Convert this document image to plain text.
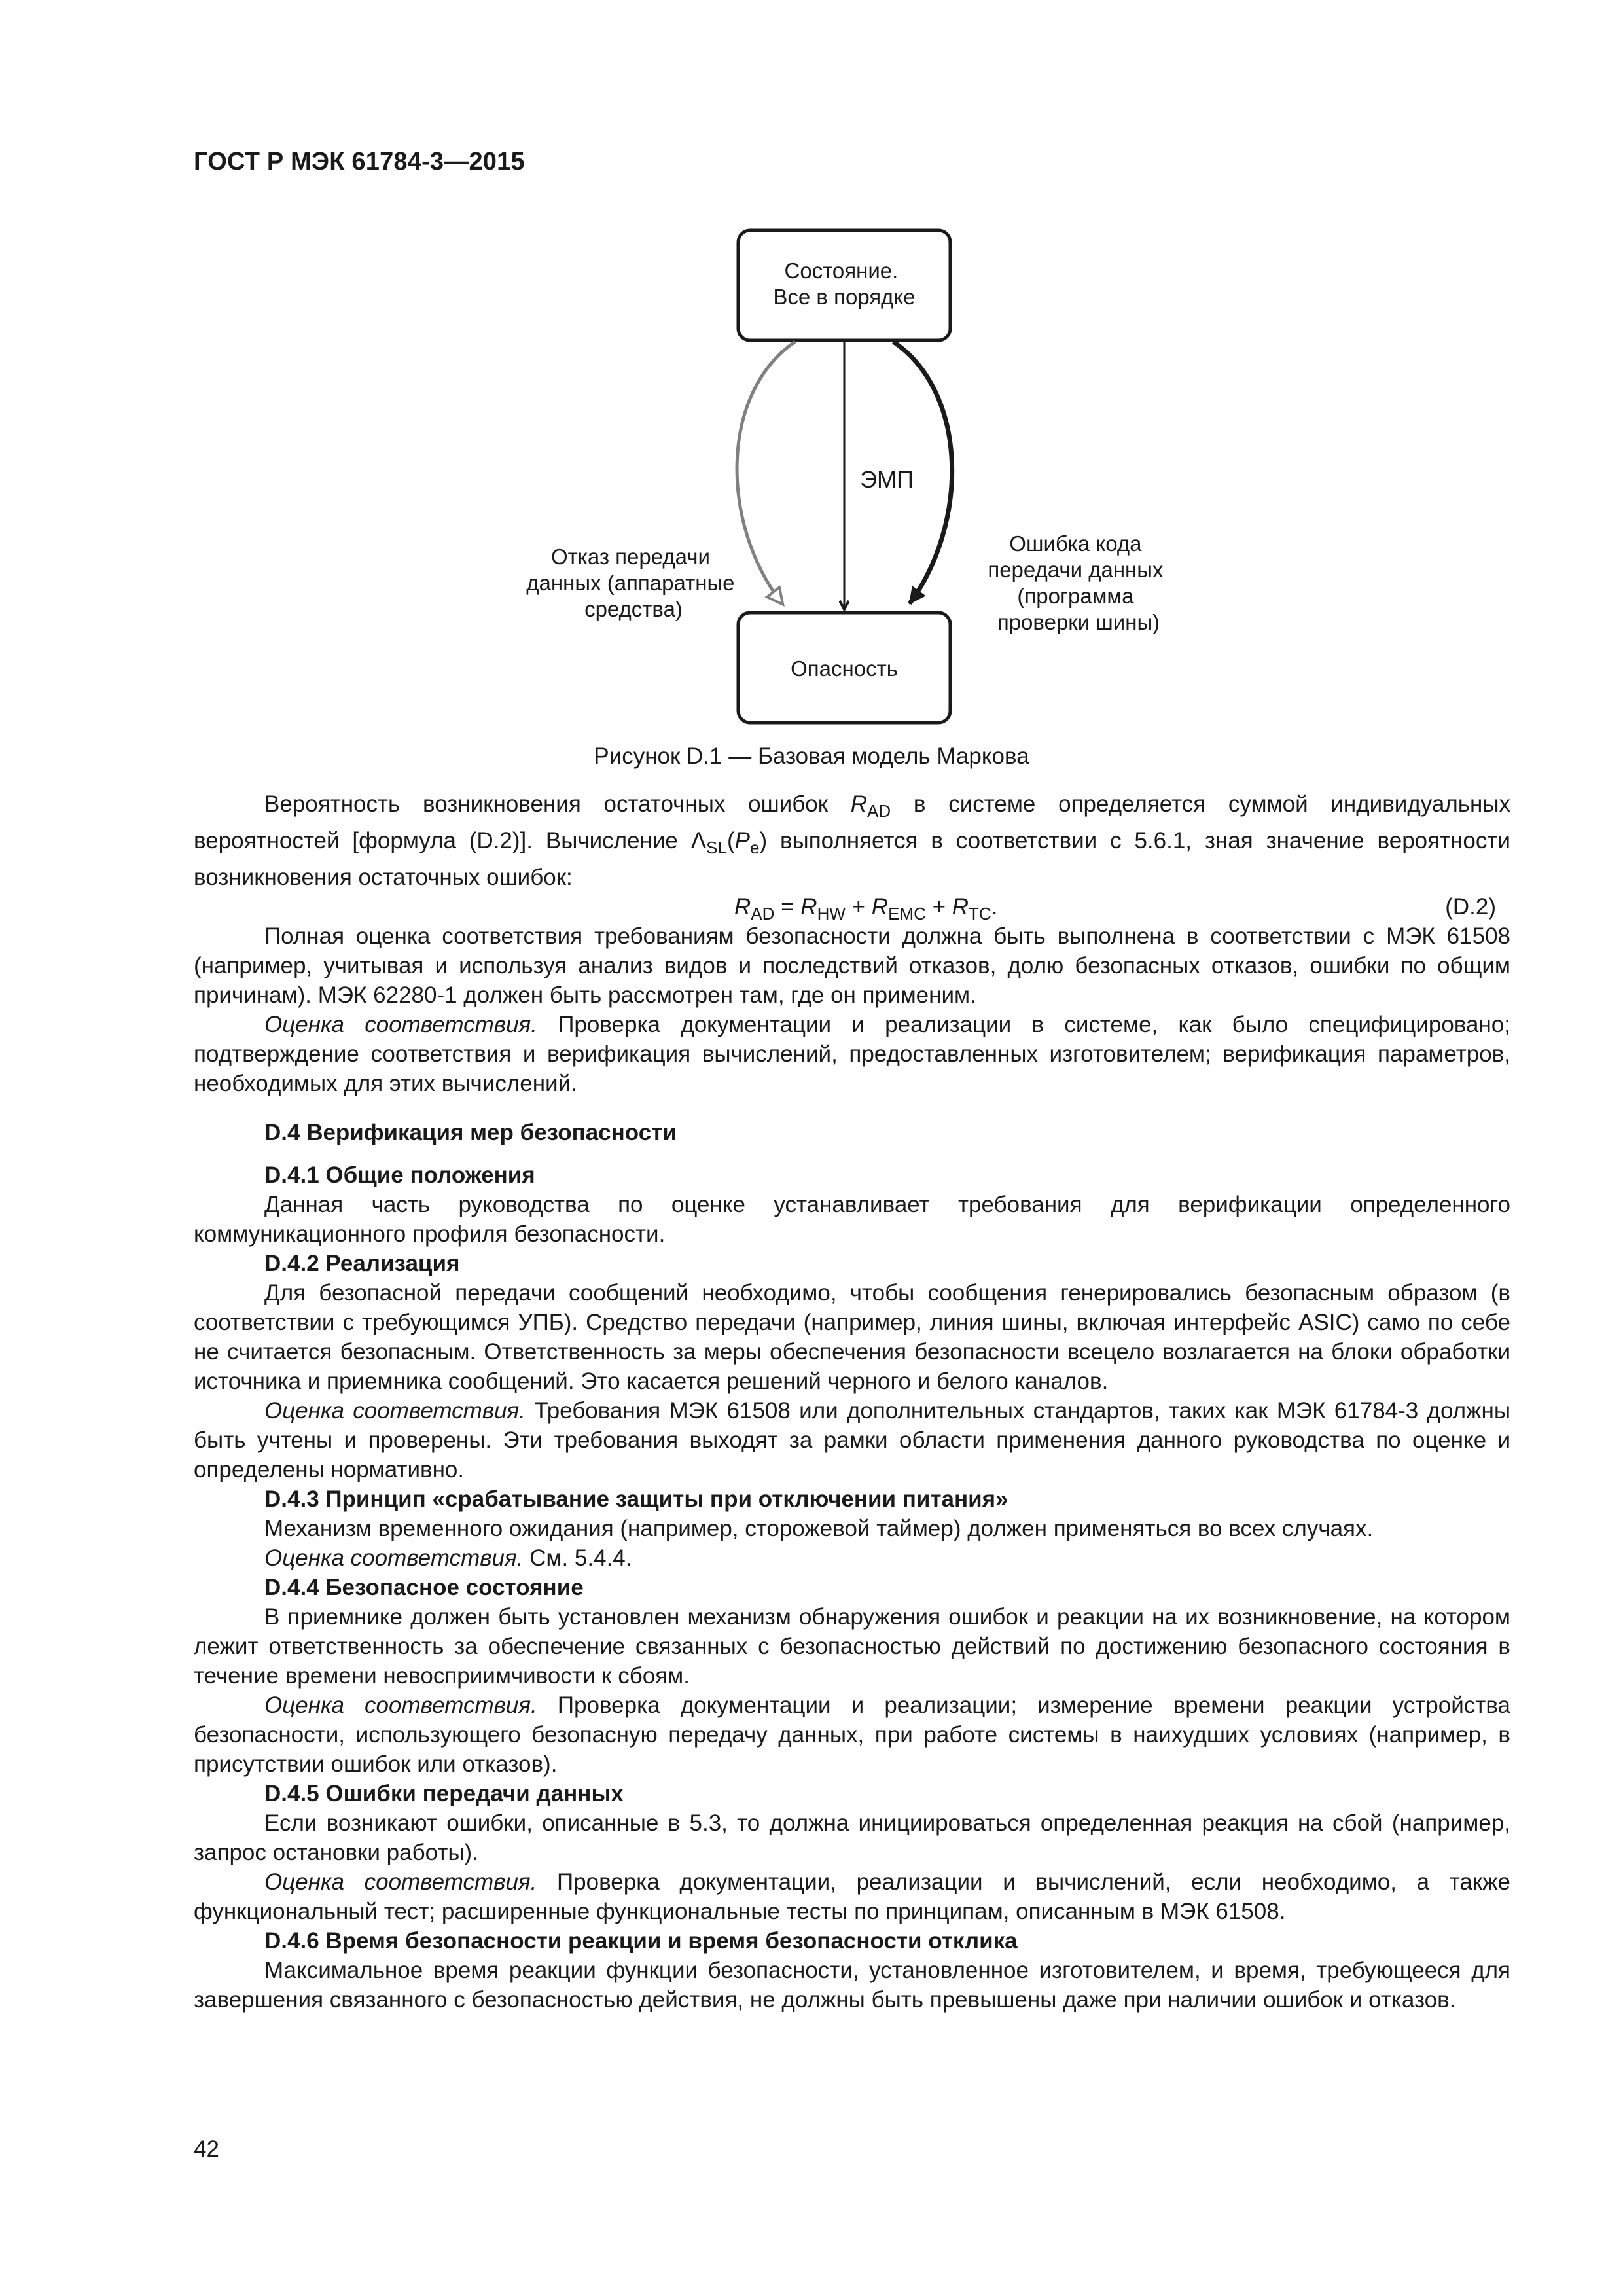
ГОСТ Р МЭК 61784-3—2015
Состояние. Все в порядке
Опасность
ЭМП
Отказ передачи данных (аппаратные средства)
Ошибка кода передачи данных (программа проверки шины)
Рисунок D.1 — Базовая модель Маркова

Вероятность возникновения остаточных ошибок $R_{AD}$ в системе определяется суммой индивидуальных вероятностей [формула (D.2)]. Вычисление $\Lambda_{SL}(P_e)$ выполняется в соответствии с 5.6.1, зная значение вероятности возникновения остаточных ошибок:

$R_{AD} = R_{HW} + R_{EMC} + R_{TC}$.	(D.2)

Полная оценка соответствия требованиям безопасности должна быть выполнена в соответствии с МЭК 61508 (например, учитывая и используя анализ видов и последствий отказов, долю безопасных отказов, ошибки по общим причинам). МЭК 62280-1 должен быть рассмотрен там, где он применим.

Оценка соответствия. Проверка документации и реализации в системе, как было специфицировано; подтверждение соответствия и верификация вычислений, предоставленных изготовителем; верификация параметров, необходимых для этих вычислений.

D.4 Верификация мер безопасности

D.4.1 Общие положения

Данная часть руководства по оценке устанавливает требования для верификации определенного коммуникационного профиля безопасности.

D.4.2 Реализация

Для безопасной передачи сообщений необходимо, чтобы сообщения генерировались безопасным образом (в соответствии с требующимся УПБ). Средство передачи (например, линия шины, включая интерфейс ASIC) само по себе не считается безопасным. Ответственность за меры обеспечения безопасности всецело возлагается на блоки обработки источника и приемника сообщений. Это касается решений черного и белого каналов.

Оценка соответствия. Требования МЭК 61508 или дополнительных стандартов, таких как МЭК 61784-3 должны быть учтены и проверены. Эти требования выходят за рамки области применения данного руководства по оценке и определены нормативно.

D.4.3 Принцип «срабатывание защиты при отключении питания»

Механизм временного ожидания (например, сторожевой таймер) должен применяться во всех случаях.

Оценка соответствия. См. 5.4.4.

D.4.4 Безопасное состояние

В приемнике должен быть установлен механизм обнаружения ошибок и реакции на их возникновение, на котором лежит ответственность за обеспечение связанных с безопасностью действий по достижению безопасного состояния в течение времени невосприимчивости к сбоям.

Оценка соответствия. Проверка документации и реализации; измерение времени реакции устройства безопасности, использующего безопасную передачу данных, при работе системы в наихудших условиях (например, в присутствии ошибок или отказов).

D.4.5 Ошибки передачи данных

Если возникают ошибки, описанные в 5.3, то должна инициироваться определенная реакция на сбой (например, запрос остановки работы).

Оценка соответствия. Проверка документации, реализации и вычислений, если необходимо, а также функциональный тест; расширенные функциональные тесты по принципам, описанным в МЭК 61508.

D.4.6 Время безопасности реакции и время безопасности отклика

Максимальное время реакции функции безопасности, установленное изготовителем, и время, требующееся для завершения связанного с безопасностью действия, не должны быть превышены даже при наличии ошибок и отказов.

42
